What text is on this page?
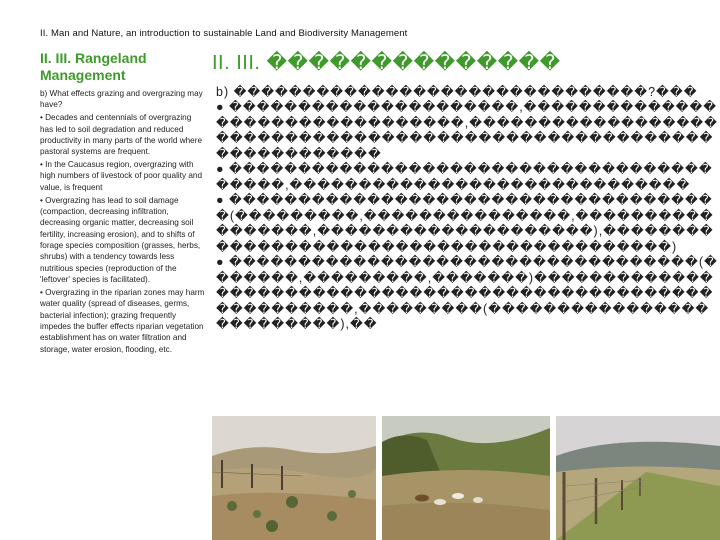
II. Man and Nature, an introduction to sustainable Land and Biodiversity Management
II. III. Rangeland Management

b) What effects grazing and overgrazing may have?

• Decades and centennials of overgrazing has led to soil degradation and reduced productivity in many parts of the world where pastoral systems are frequent.

• In the Caucasus region, overgrazing with high numbers of livestock of poor quality and value, is frequent

• Overgrazing has lead to soil damage (compaction, decreasing infiltration, decreasing organic matter, decreasing soil fertility, increasing erosion), and to shifts of forage species composition (grasses, herbs, shrubs) with a tendency towards less nutritious species (reproduction of the 'leftover' species is facilitated).

• Overgrazing in the riparian zones may harm water quality (spread of diseases, germs, bacterial infection); grazing frequently impedes the buffer effects riparian vegetation establishment has on water filtration and storage, water erosion, flooding, etc.

II. III. ��������������
b) ������������������������������?���

● ���������������������,��������������������������������,������������������������������������������������������������������

● ����������������������������������������,�����������������������������

● ������������������������������������(���������,���������������,�����������������,��������������������),�����������������������������������������)

● ����������������������������������(�������,���������,�������)�����������������������������������������������������������,���������(�������������������������),��
